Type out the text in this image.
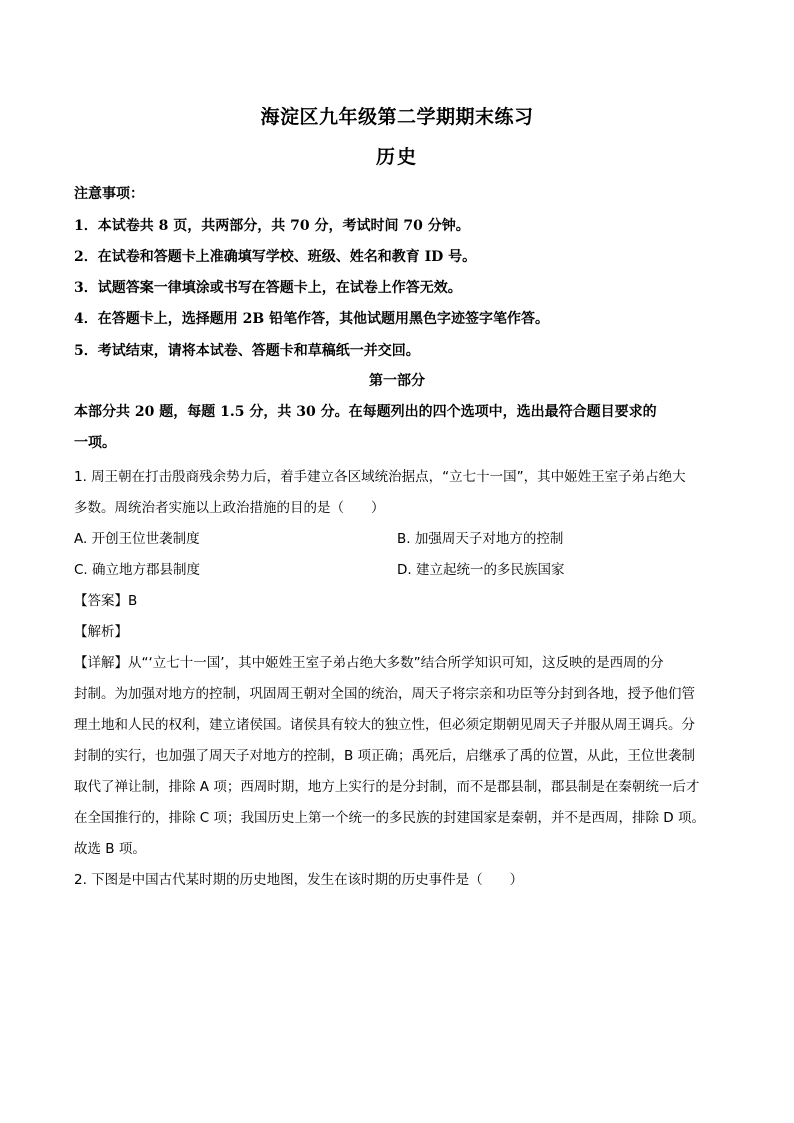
海淀区九年级第二学期期末练习
历史
注意事项：
1．本试卷共 8 页，共两部分，共 70 分，考试时间 70 分钟。
2．在试卷和答题卡上准确填写学校、班级、姓名和教育 ID 号。
3．试题答案一律填涂或书写在答题卡上，在试卷上作答无效。
4．在答题卡上，选择题用 2B 铅笔作答，其他试题用黑色字迹签字笔作答。
5．考试结束，请将本试卷、答题卡和草稿纸一并交回。
第一部分
本部分共 20 题，每题 1.5 分，共 30 分。在每题列出的四个选项中，选出最符合题目要求的
一项。
1. 周王朝在打击殷商残余势力后，着手建立各区域统治据点，“立七十一国”，其中姬姓王室子弟占绝大
多数。周统治者实施以上政治措施的目的是（　　）
A. 开创王位世袭制度	B. 加强周天子对地方的控制
C. 确立地方郡县制度	D. 建立起统一的多民族国家
【答案】B
【解析】
【详解】从“‘立七十一国’，其中姬姓王室子弟占绝大多数”结合所学知识可知，这反映的是西周的分
封制。为加强对地方的控制，巩固周王朝对全国的统治，周天子将宗亲和功臣等分封到各地，授予他们管
理土地和人民的权利，建立诸侯国。诸侯具有较大的独立性，但必须定期朝见周天子并服从周王调兵。分
封制的实行，也加强了周天子对地方的控制，B 项正确；禹死后，启继承了禹的位置，从此，王位世袭制
取代了禅让制，排除 A 项；西周时期，地方上实行的是分封制，而不是郡县制，郡县制是在秦朝统一后才
在全国推行的，排除 C 项；我国历史上第一个统一的多民族的封建国家是秦朝，并不是西周，排除 D 项。
故选 B 项。
2. 下图是中国古代某时期的历史地图，发生在该时期的历史事件是（　　）
